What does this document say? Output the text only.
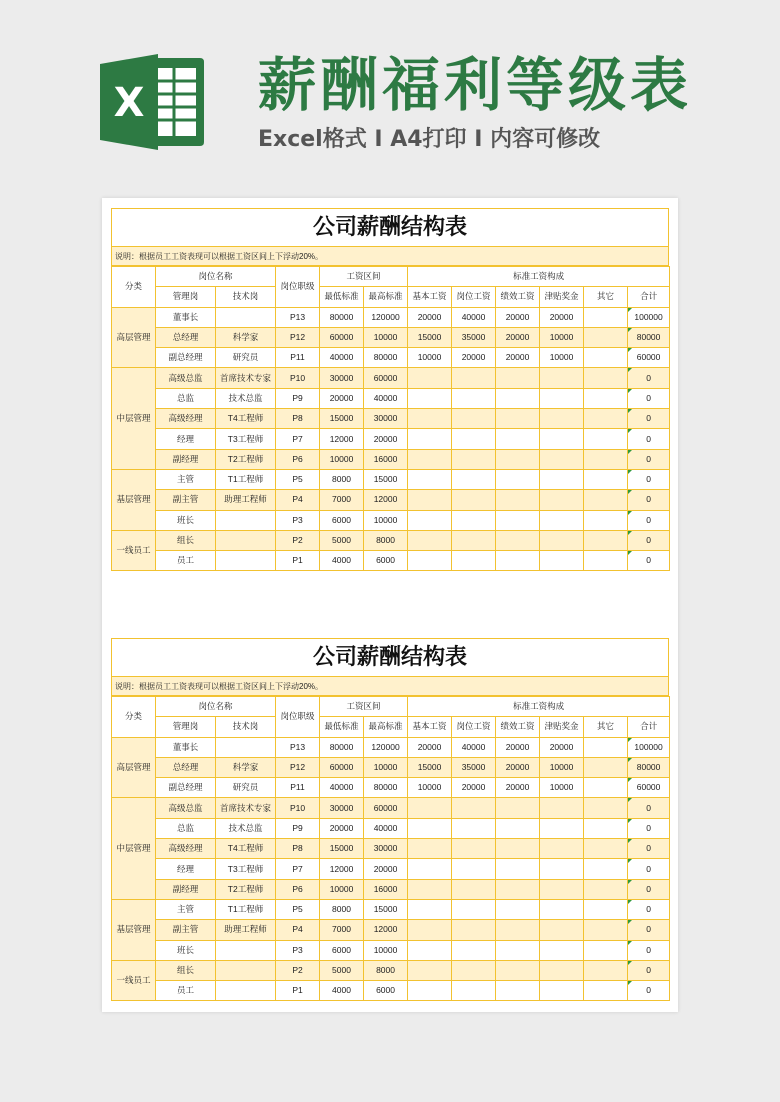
X 薪酬福利等级表
Excel格式 I A4打印 I 内容可修改
公司薪酬结构表
说明：根据员工工资表现可以根据工资区间上下浮动20%。
分类	岗位名称		岗位职级	工资区间		标准工资构成					
	管理岗	技术岗		最低标准	最高标准	基本工资	岗位工资	绩效工资	津贴奖金	其它	合计
高层管理	董事长		P13	80000	120000	20000	40000	20000	20000		100000
	总经理	科学家	P12	60000	10000	15000	35000	20000	10000		80000
	副总经理	研究员	P11	40000	80000	10000	20000	20000	10000		60000
中层管理	高级总监	首席技术专家	P10	30000	60000						0
	总监	技术总监	P9	20000	40000						0
	高级经理	T4工程师	P8	15000	30000						0
	经理	T3工程师	P7	12000	20000						0
	副经理	T2工程师	P6	10000	16000						0
基层管理	主管	T1工程师	P5	8000	15000						0
	副主管	助理工程师	P4	7000	12000						0
	班长		P3	6000	10000						0
一线员工	组长		P2	5000	8000						0
	员工		P1	4000	6000						0
公司薪酬结构表
说明：根据员工工资表现可以根据工资区间上下浮动20%。
分类	岗位名称		岗位职级	工资区间		标准工资构成					
	管理岗	技术岗		最低标准	最高标准	基本工资	岗位工资	绩效工资	津贴奖金	其它	合计
高层管理	董事长		P13	80000	120000	20000	40000	20000	20000		100000
	总经理	科学家	P12	60000	10000	15000	35000	20000	10000		80000
	副总经理	研究员	P11	40000	80000	10000	20000	20000	10000		60000
中层管理	高级总监	首席技术专家	P10	30000	60000						0
	总监	技术总监	P9	20000	40000						0
	高级经理	T4工程师	P8	15000	30000						0
	经理	T3工程师	P7	12000	20000						0
	副经理	T2工程师	P6	10000	16000						0
基层管理	主管	T1工程师	P5	8000	15000						0
	副主管	助理工程师	P4	7000	12000						0
	班长		P3	6000	10000						0
一线员工	组长		P2	5000	8000						0
	员工		P1	4000	6000						0
